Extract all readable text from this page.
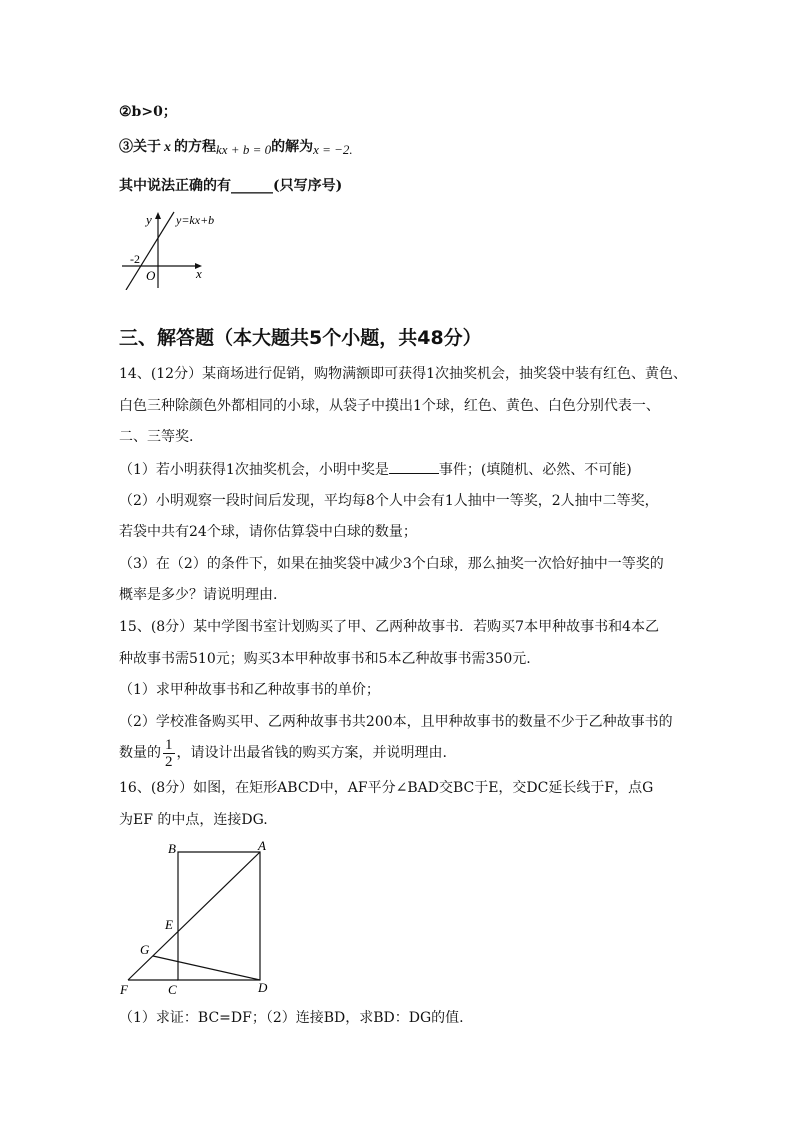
②b>0；
③关于 x 的方程kx + b = 0的解为x = −2.
其中说法正确的有______(只写序号)
y
x
O
-2
y=kx+b
三、解答题（本大题共5个小题，共48分）
14、(12分）某商场进行促销，购物满额即可获得1次抽奖机会，抽奖袋中装有红色、黄色、
白色三种除颜色外都相同的小球，从袋子中摸出1个球，红色、黄色、白色分别代表一、
二、三等奖.
（1）若小明获得1次抽奖机会，小明中奖是	事件；(填随机、必然、不可能)
（2）小明观察一段时间后发现，平均每8个人中会有1人抽中一等奖，2人抽中二等奖，
若袋中共有24个球，请你估算袋中白球的数量；
（3）在（2）的条件下，如果在抽奖袋中减少3个白球，那么抽奖一次恰好抽中一等奖的
概率是多少？请说明理由.
15、(8分）某中学图书室计划购买了甲、乙两种故事书．若购买7本甲种故事书和4本乙
种故事书需510元；购买3本甲种故事书和5本乙种故事书需350元.
（1）求甲种故事书和乙种故事书的单价；
（2）学校准备购买甲、乙两种故事书共200本，且甲种故事书的数量不少于乙种故事书的
数量的 $\frac{1}{2}$ ，请设计出最省钱的购买方案，并说明理由.
16、(8分）如图，在矩形ABCD中，AF平分∠BAD交BC于E，交DC延长线于F，点G
为EF 的中点，连接DG.
B	A
E
G
F	C	D
（1）求证：BC=DF；（2）连接BD，求BD：DG的值.
